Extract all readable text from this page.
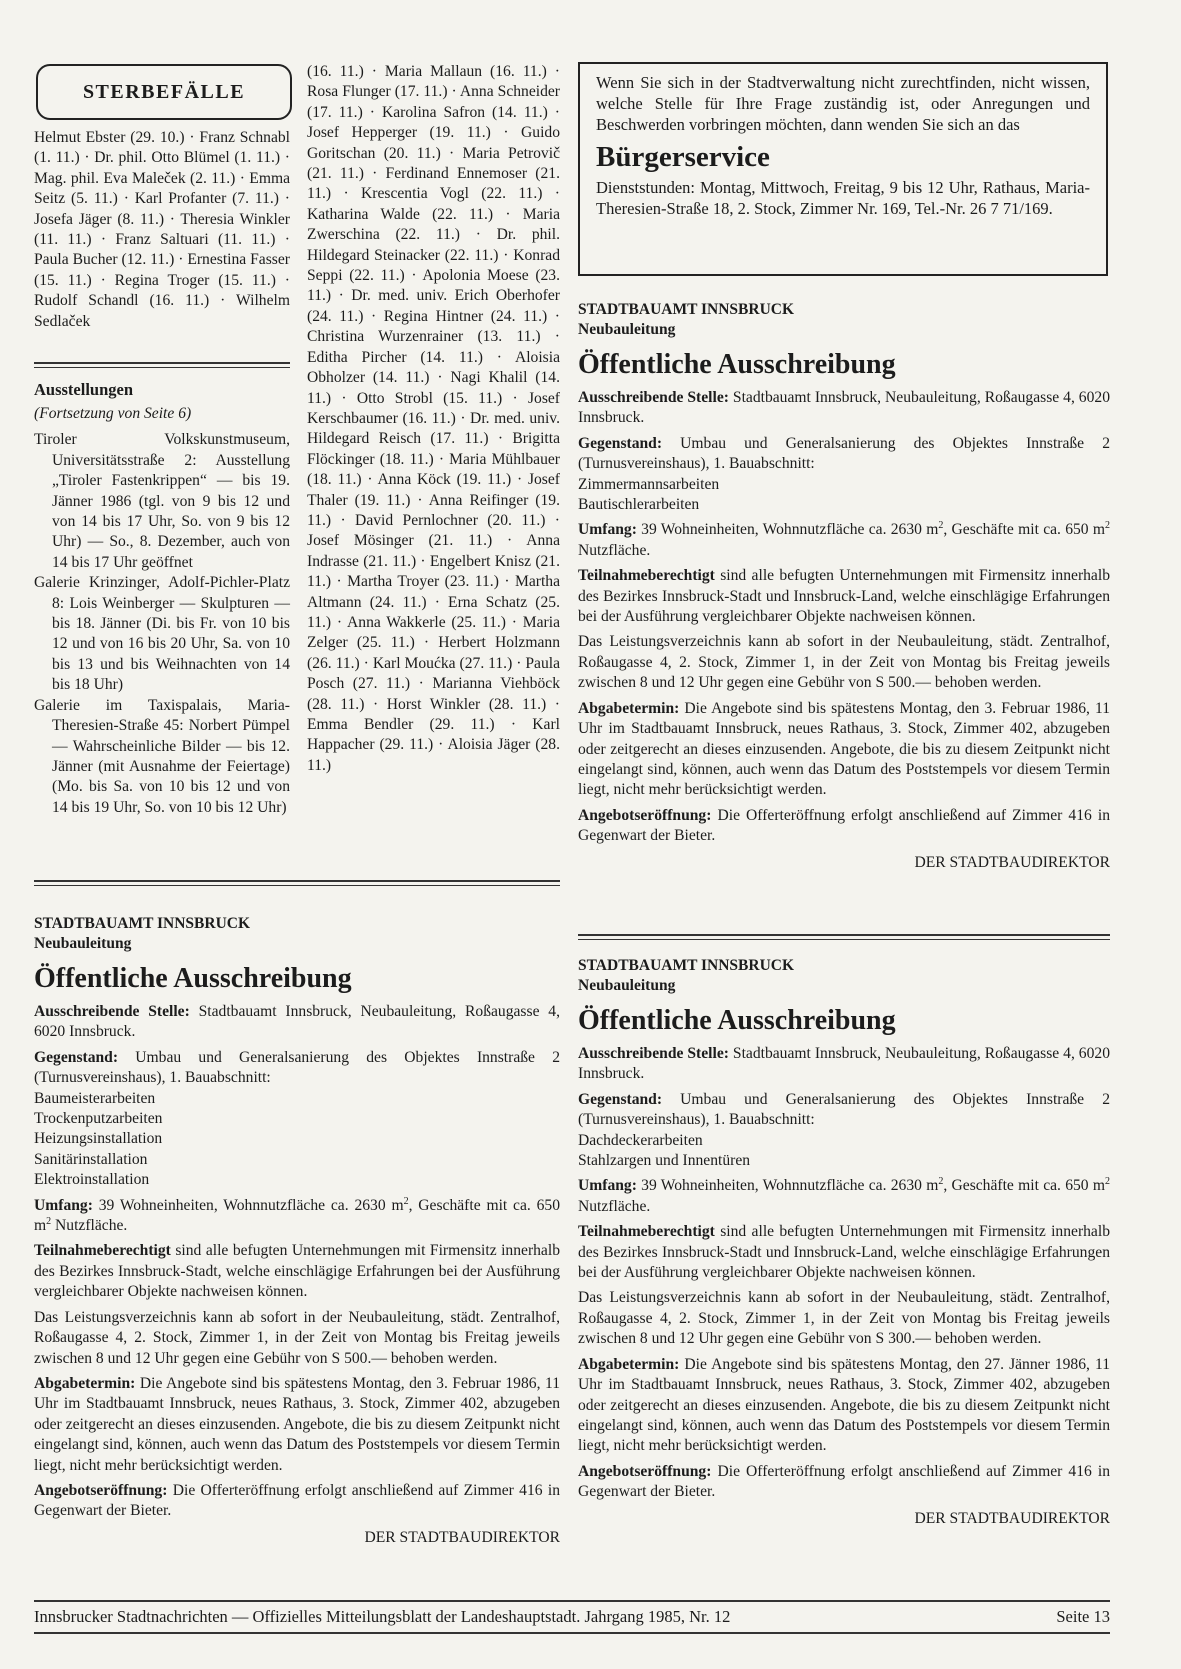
STERBEFÄLLE
Helmut Ebster (29. 10.) · Franz Schnabl (1. 11.) · Dr. phil. Otto Blümel (1. 11.) · Mag. phil. Eva Maleček (2. 11.) · Emma Seitz (5. 11.) · Karl Profanter (7. 11.) · Josefa Jäger (8. 11.) · Theresia Winkler (11. 11.) · Franz Saltuari (11. 11.) · Paula Bucher (12. 11.) · Ernestina Fasser (15. 11.) · Regina Troger (15. 11.) · Rudolf Schandl (16. 11.) · Wilhelm Sedlaček
(16. 11.) · Maria Mallaun (16. 11.) · Rosa Flunger (17. 11.) · Anna Schneider (17. 11.) · Karolina Safron (14. 11.) · Josef Hepperger (19. 11.) · Guido Goritschan (20. 11.) · Maria Petrovič (21. 11.) · Ferdinand Ennemoser (21. 11.) · Krescentia Vogl (22. 11.) · Katharina Walde (22. 11.) · Maria Zwerschina (22. 11.) · Dr. phil. Hildegard Steinacker (22. 11.) · Konrad Seppi (22. 11.) · Apolonia Moese (23. 11.) · Dr. med. univ. Erich Oberhofer (24. 11.) · Regina Hintner (24. 11.) · Christina Wurzenrainer (13. 11.) · Editha Pircher (14. 11.) · Aloisia Obholzer (14. 11.) · Nagi Khalil (14. 11.) · Otto Strobl (15. 11.) · Josef Kerschbaumer (16. 11.) · Dr. med. univ. Hildegard Reisch (17. 11.) · Brigitta Flöckinger (18. 11.) · Maria Mühlbauer (18. 11.) · Anna Köck (19. 11.) · Josef Thaler (19. 11.) · Anna Reifinger (19. 11.) · David Pernlochner (20. 11.) · Josef Mösinger (21. 11.) · Anna Indrasse (21. 11.) · Engelbert Knisz (21. 11.) · Martha Troyer (23. 11.) · Martha Altmann (24. 11.) · Erna Schatz (25. 11.) · Anna Wakkerle (25. 11.) · Maria Zelger (25. 11.) · Herbert Holzmann (26. 11.) · Karl Moućka (27. 11.) · Paula Posch (27. 11.) · Marianna Viehböck (28. 11.) · Horst Winkler (28. 11.) · Emma Bendler (29. 11.) · Karl Happacher (29. 11.) · Aloisia Jäger (28. 11.)
Ausstellungen
(Fortsetzung von Seite 6)

Tiroler Volkskunstmuseum, Universitätsstraße 2: Ausstellung „Tiroler Fastenkrippen“ — bis 19. Jänner 1986 (tgl. von 9 bis 12 und von 14 bis 17 Uhr, So. von 9 bis 12 Uhr) — So., 8. Dezember, auch von 14 bis 17 Uhr geöffnet

Galerie Krinzinger, Adolf-Pichler-Platz 8: Lois Weinberger — Skulpturen — bis 18. Jänner (Di. bis Fr. von 10 bis 12 und von 16 bis 20 Uhr, Sa. von 10 bis 13 und bis Weihnachten von 14 bis 18 Uhr)

Galerie im Taxispalais, Maria-Theresien-Straße 45: Norbert Pümpel — Wahrscheinliche Bilder — bis 12. Jänner (mit Ausnahme der Feiertage) (Mo. bis Sa. von 10 bis 12 und von 14 bis 19 Uhr, So. von 10 bis 12 Uhr)

Wenn Sie sich in der Stadtverwaltung nicht zurechtfinden, nicht wissen, welche Stelle für Ihre Frage zuständig ist, oder Anregungen und Beschwerden vorbringen möchten, dann wenden Sie sich an das
Bürgerservice
Dienststunden: Montag, Mittwoch, Freitag, 9 bis 12 Uhr, Rathaus, Maria-Theresien-Straße 18, 2. Stock, Zimmer Nr. 169, Tel.-Nr. 26 7 71/169.
STADTBAUAMT INNSBRUCK
Neubauleitung
Öffentliche Ausschreibung

Ausschreibende Stelle: Stadtbauamt Innsbruck, Neubauleitung, Roßaugasse 4, 6020 Innsbruck.

Gegenstand: Umbau und Generalsanierung des Objektes Innstraße 2 (Turnusvereinshaus), 1. Bauabschnitt:

Zimmermannsarbeiten
Bautischlerarbeiten

Umfang: 39 Wohneinheiten, Wohnnutzfläche ca. 2630 $m^2$, Geschäfte mit ca. 650 $m^2$ Nutzfläche.

Teilnahmeberechtigt sind alle befugten Unternehmungen mit Firmensitz innerhalb des Bezirkes Innsbruck-Stadt und Innsbruck-Land, welche einschlägige Erfahrungen bei der Ausführung vergleichbarer Objekte nachweisen können.

Das Leistungsverzeichnis kann ab sofort in der Neubauleitung, städt. Zentralhof, Roßaugasse 4, 2. Stock, Zimmer 1, in der Zeit von Montag bis Freitag jeweils zwischen 8 und 12 Uhr gegen eine Gebühr von S 500.— behoben werden.

Abgabetermin: Die Angebote sind bis spätestens Montag, den 3. Februar 1986, 11 Uhr im Stadtbauamt Innsbruck, neues Rathaus, 3. Stock, Zimmer 402, abzugeben oder zeitgerecht an dieses einzusenden. Angebote, die bis zu diesem Zeitpunkt nicht eingelangt sind, können, auch wenn das Datum des Poststempels vor diesem Termin liegt, nicht mehr berücksichtigt werden.

Angebotseröffnung: Die Offerteröffnung erfolgt anschließend auf Zimmer 416 in Gegenwart der Bieter.

DER STADTBAUDIREKTOR
STADTBAUAMT INNSBRUCK
Neubauleitung
Öffentliche Ausschreibung

Ausschreibende Stelle: Stadtbauamt Innsbruck, Neubauleitung, Roßaugasse 4, 6020 Innsbruck.

Gegenstand: Umbau und Generalsanierung des Objektes Innstraße 2 (Turnusvereinshaus), 1. Bauabschnitt:

Baumeisterarbeiten
Trockenputzarbeiten
Heizungsinstallation
Sanitärinstallation
Elektroinstallation

Umfang: 39 Wohneinheiten, Wohnnutzfläche ca. 2630 $m^2$, Geschäfte mit ca. 650 $m^2$ Nutzfläche.

Teilnahmeberechtigt sind alle befugten Unternehmungen mit Firmensitz innerhalb des Bezirkes Innsbruck-Stadt, welche einschlägige Erfahrungen bei der Ausführung vergleichbarer Objekte nachweisen können.

Das Leistungsverzeichnis kann ab sofort in der Neubauleitung, städt. Zentralhof, Roßaugasse 4, 2. Stock, Zimmer 1, in der Zeit von Montag bis Freitag jeweils zwischen 8 und 12 Uhr gegen eine Gebühr von S 500.— behoben werden.

Abgabetermin: Die Angebote sind bis spätestens Montag, den 3. Februar 1986, 11 Uhr im Stadtbauamt Innsbruck, neues Rathaus, 3. Stock, Zimmer 402, abzugeben oder zeitgerecht an dieses einzusenden. Angebote, die bis zu diesem Zeitpunkt nicht eingelangt sind, können, auch wenn das Datum des Poststempels vor diesem Termin liegt, nicht mehr berücksichtigt werden.

Angebotseröffnung: Die Offerteröffnung erfolgt anschließend auf Zimmer 416 in Gegenwart der Bieter.

DER STADTBAUDIREKTOR
STADTBAUAMT INNSBRUCK
Neubauleitung
Öffentliche Ausschreibung

Ausschreibende Stelle: Stadtbauamt Innsbruck, Neubauleitung, Roßaugasse 4, 6020 Innsbruck.

Gegenstand: Umbau und Generalsanierung des Objektes Innstraße 2 (Turnusvereinshaus), 1. Bauabschnitt:

Dachdeckerarbeiten
Stahlzargen und Innentüren

Umfang: 39 Wohneinheiten, Wohnnutzfläche ca. 2630 $m^2$, Geschäfte mit ca. 650 $m^2$ Nutzfläche.

Teilnahmeberechtigt sind alle befugten Unternehmungen mit Firmensitz innerhalb des Bezirkes Innsbruck-Stadt und Innsbruck-Land, welche einschlägige Erfahrungen bei der Ausführung vergleichbarer Objekte nachweisen können.

Das Leistungsverzeichnis kann ab sofort in der Neubauleitung, städt. Zentralhof, Roßaugasse 4, 2. Stock, Zimmer 1, in der Zeit von Montag bis Freitag jeweils zwischen 8 und 12 Uhr gegen eine Gebühr von S 300.— behoben werden.

Abgabetermin: Die Angebote sind bis spätestens Montag, den 27. Jänner 1986, 11 Uhr im Stadtbauamt Innsbruck, neues Rathaus, 3. Stock, Zimmer 402, abzugeben oder zeitgerecht an dieses einzusenden. Angebote, die bis zu diesem Zeitpunkt nicht eingelangt sind, können, auch wenn das Datum des Poststempels vor diesem Termin liegt, nicht mehr berücksichtigt werden.

Angebotseröffnung: Die Offerteröffnung erfolgt anschließend auf Zimmer 416 in Gegenwart der Bieter.

DER STADTBAUDIREKTOR
Innsbrucker Stadtnachrichten — Offizielles Mitteilungsblatt der Landeshauptstadt. Jahrgang 1985, Nr. 12	Seite 13
